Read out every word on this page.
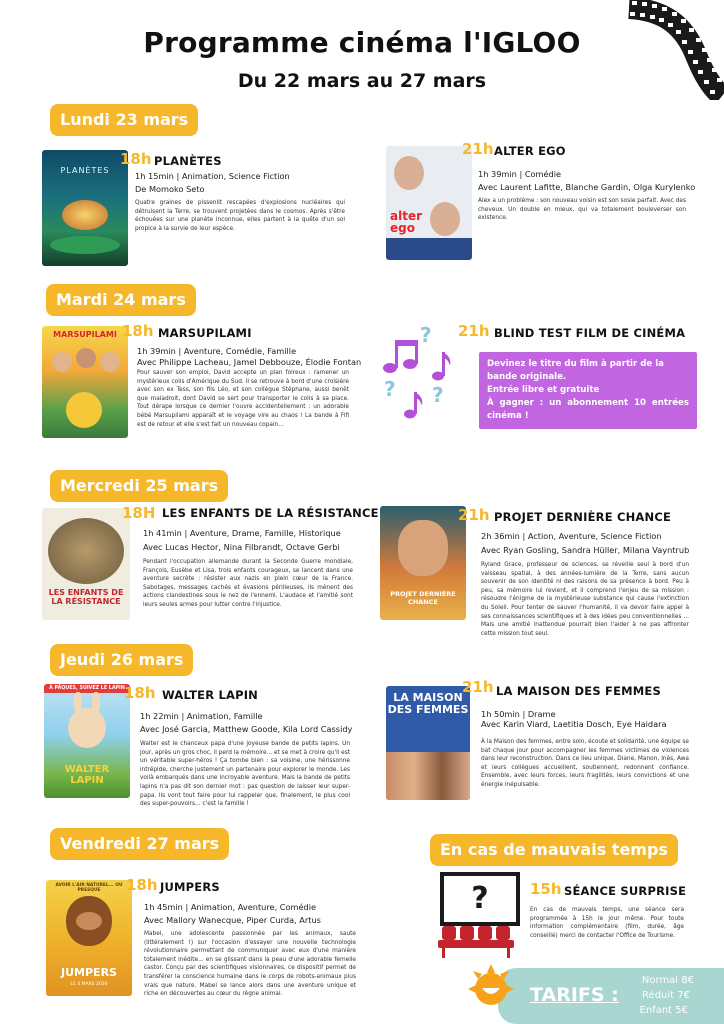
Programme cinéma l'IGLOO
Du 22 mars au 27 mars
Lundi 23 mars
PLANÈTES
18h PLANÈTES
1h 15min | Animation, Science Fiction
De Momoko Seto
Quatre graines de pissenlit rescapées d'explosions nucléaires qui détruisent la Terre, se trouvent projetées dans le cosmos. Après s'être échouées sur une planète inconnue, elles partent à la quête d'un sol propice à la survie de leur espèce.
alter ego
21h ALTER EGO
1h 39min | Comédie
Avec Laurent Lafitte, Blanche Gardin, Olga Kurylenko
Alex a un problème : son nouveau voisin est son sosie parfait. Avec des cheveux. Un double en mieux, qui va totalement bouleverser son existence.
Mardi 24 mars
MARSUPILAMI 18h MARSUPILAMI
1h 39min | Aventure, Comédie, Famille
Avec Philippe Lacheau, Jamel Debbouze, Élodie Fontan
Pour sauver son emploi, David accepte un plan foireux : ramener un mystérieux colis d'Amérique du Sud. Il se retrouve à bord d'une croisière avec son ex Tess, son fils Léo, et son collègue Stéphane, aussi benêt que maladroit, dont David se sert pour transporter le colis à sa place. Tout dérape lorsque ce dernier l'ouvre accidentellement : un adorable bébé Marsupilami apparaît et le voyage vire au chaos ! La bande à Fifi est de retour et elle s'est fait un nouveau copain...
?
? ?
21h BLIND TEST FILM DE CINÉMA
Devinez le titre du film à partir de la bande originale.
Entrée libre et gratuite
À gagner : un abonnement 10 entrées cinéma !
Mercredi 25 mars
LES ENFANTS DE LA RÉSISTANCE
18H LES ENFANTS DE LA RÉSISTANCE
1h 41min | Aventure, Drame, Famille, Historique
Avec Lucas Hector, Nina Filbrandt, Octave Gerbi
Pendant l'occupation allemande durant la Seconde Guerre mondiale, François, Eusèbe et Lisa, trois enfants courageux, se lancent dans une aventure secrète : résister aux nazis en plein cœur de la France. Sabotages, messages cachés et évasions périlleuses, ils mènent des actions clandestines sous le nez de l'ennemi. L'audace et l'amitié sont leurs seules armes pour lutter contre l'injustice.
PROJET DERNIÈRE CHANCE
21h PROJET DERNIÈRE CHANCE
2h 36min | Action, Aventure, Science Fiction
Avec Ryan Gosling, Sandra Hüller, Milana Vayntrub
Ryland Grace, professeur de sciences, se réveille seul à bord d'un vaisseau spatial, à des années-lumière de la Terre, sans aucun souvenir de son identité ni des raisons de sa présence à bord. Peu à peu, sa mémoire lui revient, et il comprend l'enjeu de sa mission : résoudre l'énigme de la mystérieuse substance qui cause l'extinction du Soleil. Pour tenter de sauver l'humanité, il va devoir faire appel à ses connaissances scientifiques et à des idées peu conventionnelles ... Mais une amitié inattendue pourrait bien l'aider à ne pas affronter cette mission tout seul.
Jeudi 26 mars
À PÂQUES, SUIVEZ LE LAPIN
WALTER LAPIN
18h WALTER LAPIN
1h 22min | Animation, Famille
Avec José Garcia, Matthew Goode, Kila Lord Cassidy
Walter est le chanceux papa d'une joyeuse bande de petits lapins. Un jour, après un gros choc, il perd la mémoire... et se met à croire qu'il est un véritable super-héros ! Ça tombe bien : sa voisine, une hérissonne intrépide, cherche justement un partenaire pour explorer le monde. Les voilà embarqués dans une incroyable aventure. Mais la bande de petits lapins n'a pas dit son dernier mot : pas question de laisser leur super-papa. Ils vont tout faire pour lui rappeler que, finalement, le plus cool des super-pouvoirs... c'est la famille !
LA MAISON DES FEMMES
21h LA MAISON DES FEMMES
1h 50min | Drame
Avec Karin Viard, Laetitia Dosch, Eye Haidara
À la Maison des femmes, entre soin, écoute et solidarité, une équipe se bat chaque jour pour accompagner les femmes victimes de violences dans leur reconstruction. Dans ce lieu unique, Diane, Manon, Inès, Awa et leurs collègues accueillent, soutiennent, redonnent confiance. Ensemble, avec leurs forces, leurs fragilités, leurs convictions et une énergie inépuisable.
Vendredi 27 mars
AVOIR L'AIR NATUREL... OU PRESQUE
JUMPERS
LE 4 MARS 2026
18h JUMPERS
1h 45min | Animation, Aventure, Comédie
Avec Mallory Wanecque, Piper Curda, Artus
Mabel, une adolescente passionnée par les animaux, saute (littéralement !) sur l'occasion d'essayer une nouvelle technologie révolutionnaire permettant de communiquer avec eux d'une manière totalement inédite... en se glissant dans la peau d'une adorable femelle castor. Conçu par des scientifiques visionnaires, ce dispositif permet de transférer la conscience humaine dans le corps de robots-animaux plus vrais que nature. Mabel se lance alors dans une aventure unique et riche en découvertes au cœur du règne animal.
En cas de mauvais temps
?	15h SÉANCE SURPRISE
En cas de mauvais temps, une séance sera programmée à 15h le jour même. Pour toute information complémentaire (film, durée, âge conseillé) merci de contacter l'Office de Tourisme.
TARIFS :
Normal 8€
Réduit 7€
Enfant 5€
